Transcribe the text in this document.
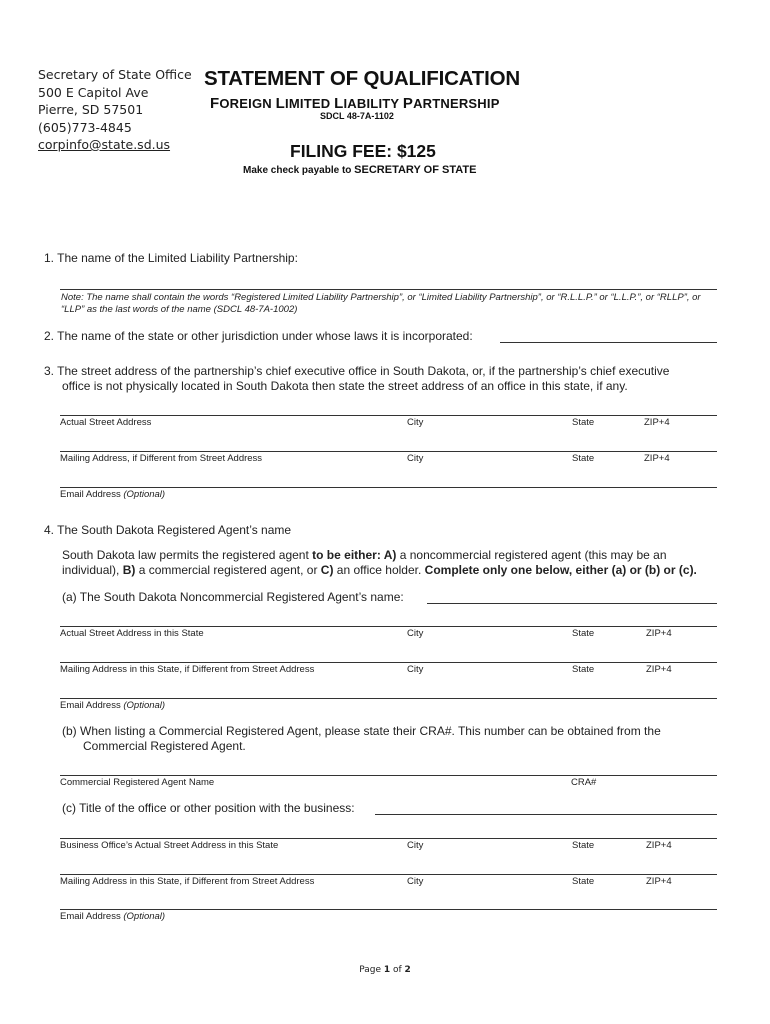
Secretary of State Office
500 E Capitol Ave
Pierre, SD 57501
(605)773-4845
corpinfo@state.sd.us
STATEMENT OF QUALIFICATION
FOREIGN LIMITED LIABILITY PARTNERSHIP
SDCL 48-7A-1102
FILING FEE: $125
Make check payable to SECRETARY OF STATE
1. The name of the Limited Liability Partnership:
Note: The name shall contain the words “Registered Limited Liability Partnership”, or “Limited Liability Partnership”, or “R.L.L.P.” or “L.L.P.”, or “RLLP”, or “LLP” as the last words of the name (SDCL 48-7A-1002)
2. The name of the state or other jurisdiction under whose laws it is incorporated:
3. The street address of the partnership’s chief executive office in South Dakota, or, if the partnership’s chief executive
office is not physically located in South Dakota then state the street address of an office in this state, if any.
Actual Street Address	City	State	ZIP+4
Mailing Address, if Different from Street Address	City	State	ZIP+4
Email Address (Optional)
4. The South Dakota Registered Agent’s name
South Dakota law permits the registered agent to be either: A) a noncommercial registered agent (this may be an
individual), B) a commercial registered agent, or C) an office holder. Complete only one below, either (a) or (b) or (c).
(a) The South Dakota Noncommercial Registered Agent’s name:
Actual Street Address in this State	City	State	ZIP+4
Mailing Address in this State, if Different from Street Address	City	State	ZIP+4
Email Address (Optional)
(b) When listing a Commercial Registered Agent, please state their CRA#. This number can be obtained from the
Commercial Registered Agent.
Commercial Registered Agent Name	CRA#
(c) Title of the office or other position with the business:
Business Office’s Actual Street Address in this State	City	State	ZIP+4
Mailing Address in this State, if Different from Street Address	City	State	ZIP+4
Email Address (Optional)
Page 1 of 2
